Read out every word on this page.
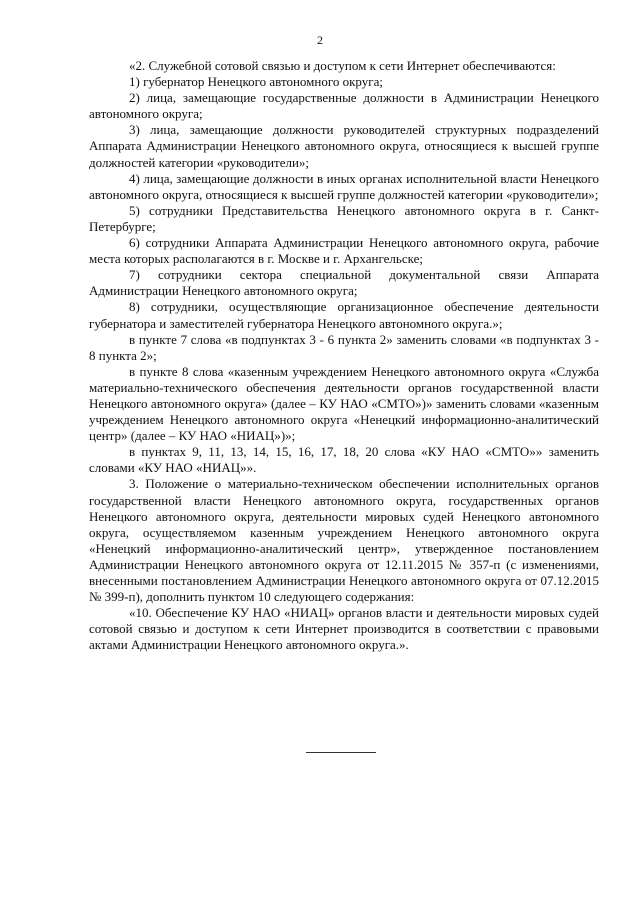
2

«2. Служебной сотовой связью и доступом к сети Интернет обеспечиваются:

1) губернатор Ненецкого автономного округа;

2) лица, замещающие государственные должности в Администрации Ненецкого автономного округа;

3) лица, замещающие должности руководителей структурных подразделений Аппарата Администрации Ненецкого автономного округа, относящиеся к высшей группе должностей категории «руководители»;

4) лица, замещающие должности в иных органах исполнительной власти Ненецкого автономного округа, относящиеся к высшей группе должностей категории «руководители»;

5) сотрудники Представительства Ненецкого автономного округа в г. Санкт-Петербурге;

6) сотрудники Аппарата Администрации Ненецкого автономного округа, рабочие места которых располагаются в г. Москве и г. Архангельске;

7) сотрудники сектора специальной документальной связи Аппарата Администрации Ненецкого автономного округа;

8) сотрудники, осуществляющие организационное обеспечение деятельности губернатора и заместителей губернатора Ненецкого автономного округа.»;

в пункте 7 слова «в подпунктах 3 - 6 пункта 2» заменить словами «в подпунктах 3 - 8 пункта 2»;

в пункте 8 слова «казенным учреждением Ненецкого автономного округа «Служба материально-технического обеспечения деятельности органов государственной власти Ненецкого автономного округа» (далее – КУ НАО «СМТО»)» заменить словами «казенным учреждением Ненецкого автономного округа «Ненецкий информационно-аналитический центр» (далее – КУ НАО «НИАЦ»)»;

в пунктах 9, 11, 13, 14, 15, 16, 17, 18, 20 слова «КУ НАО «СМТО»» заменить словами «КУ НАО «НИАЦ»».

3. Положение о материально-техническом обеспечении исполнительных органов государственной власти Ненецкого автономного округа, государственных органов Ненецкого автономного округа, деятельности мировых судей Ненецкого автономного округа, осуществляемом казенным учреждением Ненецкого автономного округа «Ненецкий информационно-аналитический центр», утвержденное постановлением Администрации Ненецкого автономного округа от 12.11.2015 № 357-п (с изменениями, внесенными постановлением Администрации Ненецкого автономного округа от 07.12.2015 № 399-п), дополнить пунктом 10 следующего содержания:

«10. Обеспечение КУ НАО «НИАЦ» органов власти и деятельности мировых судей сотовой связью и доступом к сети Интернет производится в соответствии с правовыми актами Администрации Ненецкого автономного округа.».
